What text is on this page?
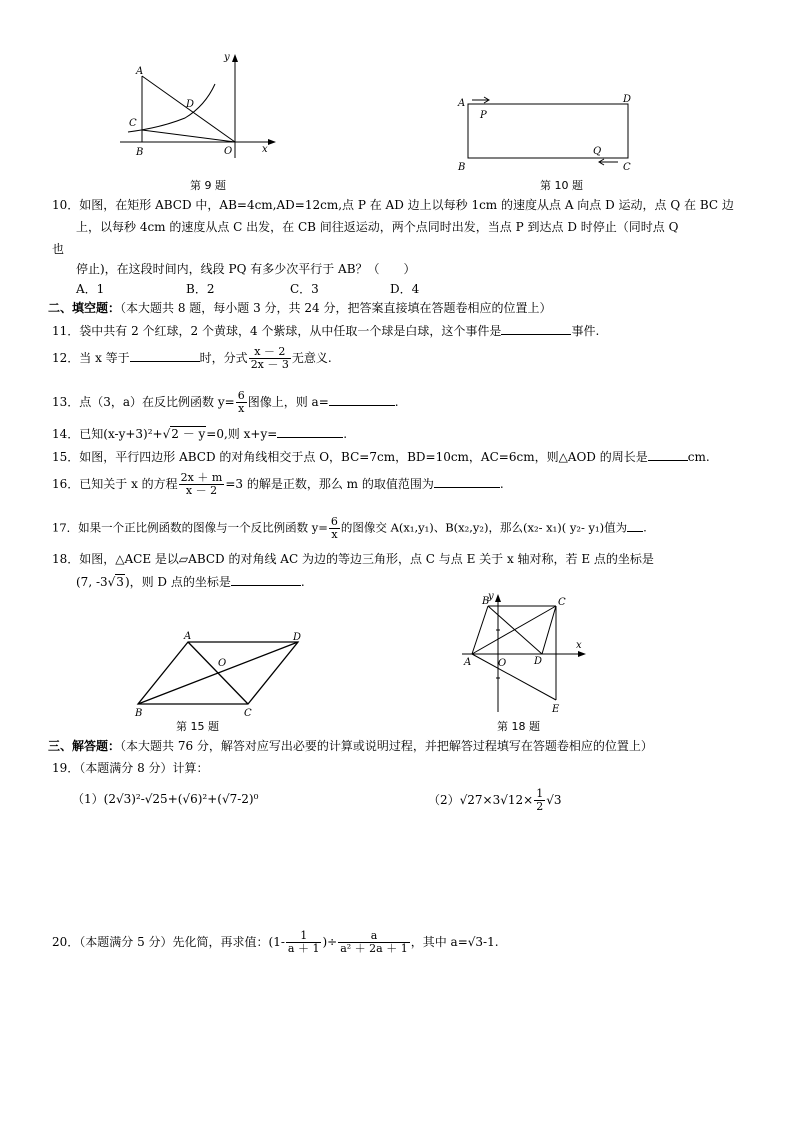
A
B
C
D
O	x
y
第 9 题
A
B	C
D
P
Q
第 10 题
10．如图，在矩形 ABCD 中，AB=4cm,AD=12cm,点 P 在 AD 边上以每秒 1cm 的速度从点 A 向点 D 运动，点 Q 在 BC 边
上，以每秒 4cm 的速度从点 C 出发，在 CB 间往返运动，两个点同时出发，当点 P 到达点 D 时停止（同时点 Q
也
停止)，在这段时间内，线段 PQ 有多少次平行于 AB？（　　）
A．1	B．2	C．3	D．4
二、填空题：（本大题共 8 题，每小题 3 分，共 24 分，把答案直接填在答题卷相应的位置上）
11．袋中共有 2 个红球，2 个黄球，4 个紫球，从中任取一个球是白球，这个事件是	事件.
12．当 x 等于	时，分式 $\frac{x - 2}{2x - 3}$ 无意义.
13．点（3，a）在反比例函数 $y= \frac{6}{x}$ 图像上，则 a=	.
14．已知(x-y+3)²+√2 － y=0,则 x+y=	.
15．如图，平行四边形 ABCD 的对角线相交于点 O，BC=7cm，BD=10cm，AC=6cm，则△AOD 的周长是	cm.
16．已知关于 x 的方程 $\frac{2x + m}{x - 2} =3$ 的解是正数，那么 m 的取值范围为	.
17．如果一个正比例函数的图像与一个反比例函数 $y= \frac{6}{x}$ 的图像交 A(x₁,y₁)、B(x₂,y₂)，那么(x₂- x₁)( y₂- y₁)值为 .
18．如图，△ACE 是以▱ABCD 的对角线 AC 为边的等边三角形，点 C 与点 E 关于 x 轴对称，若 E 点的坐标是
(7, -3√3)，则 D 点的坐标是	.
A	D
B	C
O
第 15 题
B	C
A	O	D
E
x
y
第 18 题
三、解答题：（本大题共 76 分，解答对应写出必要的计算或说明过程，并把解答过程填写在答题卷相应的位置上）
19．（本题满分 8 分）计算：
（1）(2√3)²-√25+(√6)²+(√7-2)⁰	$(2)√27\times 3√12\times \frac{1}{2} √3$
20．（本题满分 5 分）先化简，再求值：($1- \frac{1}{a + 1}$ )÷ $\frac{a}{\text{a² ＋ 2a ＋ 1}}$ ，其中 a=√3-1.
